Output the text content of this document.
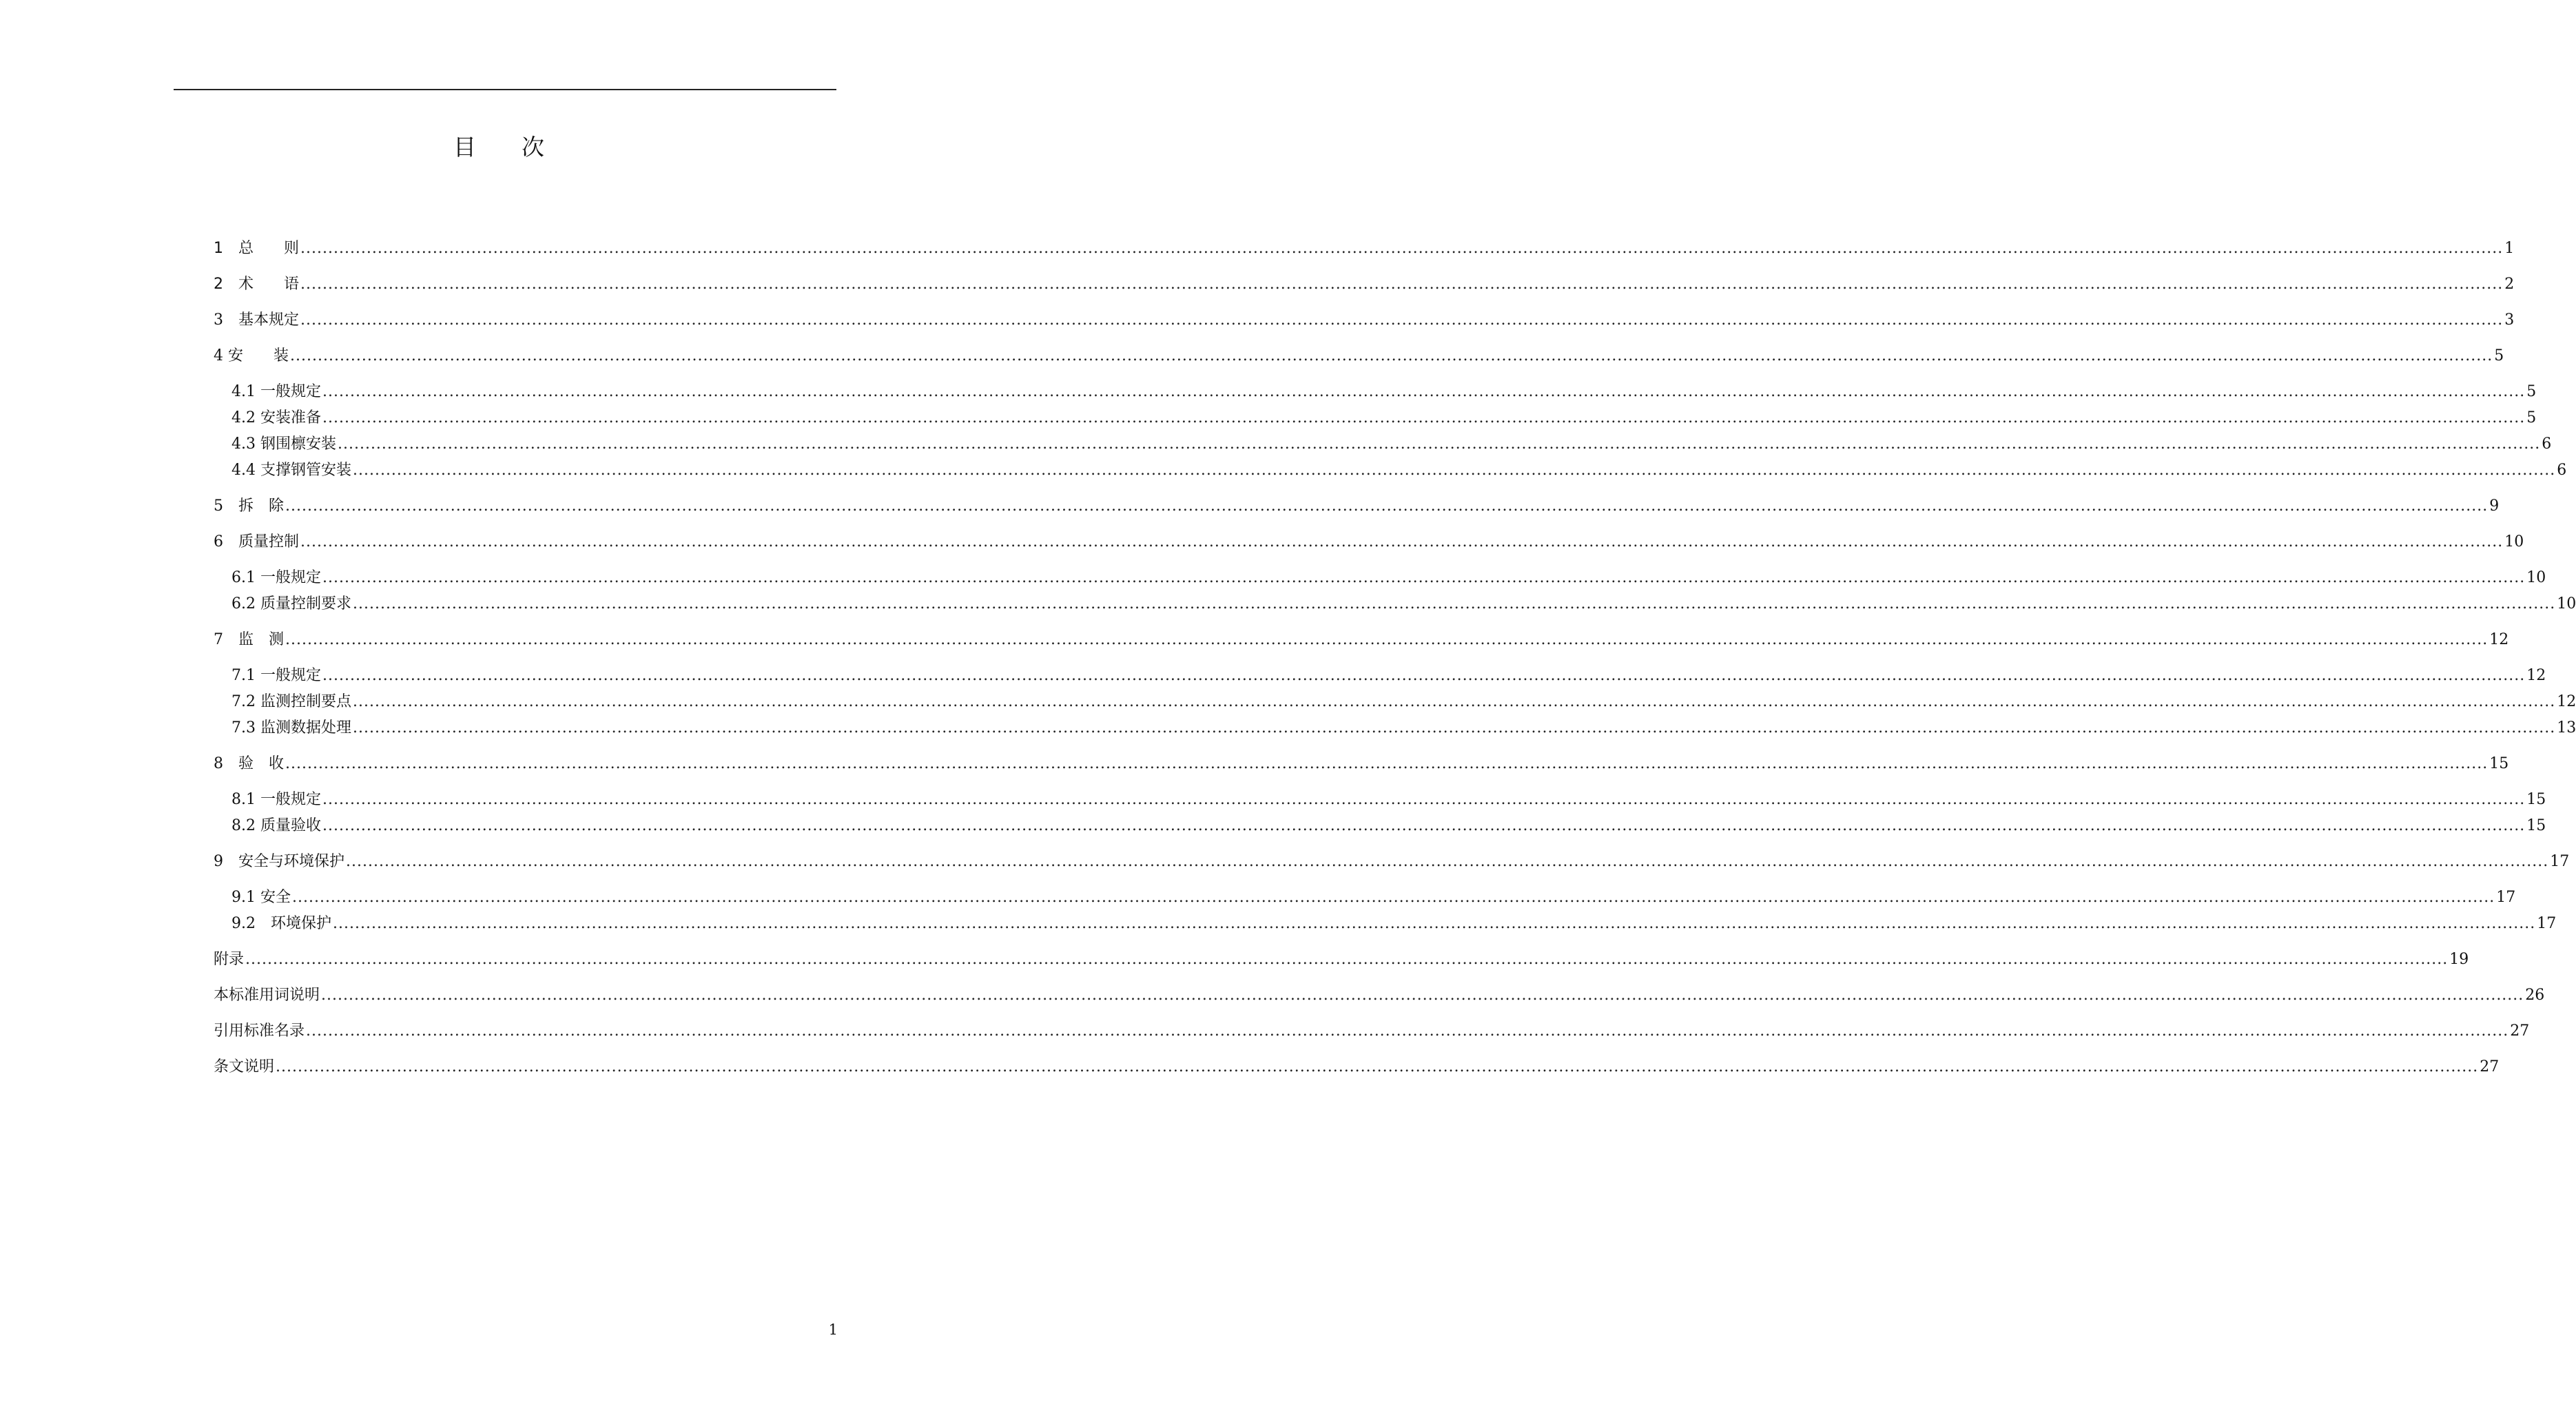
目 次
1　总　　则 ................................................................................................................................................................................................................................................................................................................................................................................................................ 1
2　术　　语 ................................................................................................................................................................................................................................................................................................................................................................................................................ 2
3　基本规定 ................................................................................................................................................................................................................................................................................................................................................................................................................ 3
4 安　　装 ................................................................................................................................................................................................................................................................................................................................................................................................................ 5
4.1 一般规定 ................................................................................................................................................................................................................................................................................................................................................................................................................ 5
4.2 安装准备 ................................................................................................................................................................................................................................................................................................................................................................................................................ 5
4.3 钢围檩安装 ................................................................................................................................................................................................................................................................................................................................................................................................................ 6
4.4 支撑钢管安装 ................................................................................................................................................................................................................................................................................................................................................................................................................ 6
5　拆　除 ................................................................................................................................................................................................................................................................................................................................................................................................................ 9
6　质量控制 ................................................................................................................................................................................................................................................................................................................................................................................................................ 10
6.1 一般规定 ................................................................................................................................................................................................................................................................................................................................................................................................................ 10
6.2 质量控制要求 ................................................................................................................................................................................................................................................................................................................................................................................................................ 10
7　监　测 ................................................................................................................................................................................................................................................................................................................................................................................................................ 12
7.1 一般规定 ................................................................................................................................................................................................................................................................................................................................................................................................................ 12
7.2 监测控制要点 ................................................................................................................................................................................................................................................................................................................................................................................................................ 12
7.3 监测数据处理 ................................................................................................................................................................................................................................................................................................................................................................................................................ 13
8　验　收 ................................................................................................................................................................................................................................................................................................................................................................................................................ 15
8.1 一般规定 ................................................................................................................................................................................................................................................................................................................................................................................................................ 15
8.2 质量验收 ................................................................................................................................................................................................................................................................................................................................................................................................................ 15
9　安全与环境保护 ................................................................................................................................................................................................................................................................................................................................................................................................................ 17
9.1 安全 ................................................................................................................................................................................................................................................................................................................................................................................................................ 17
9.2　环境保护 ................................................................................................................................................................................................................................................................................................................................................................................................................ 17
附录 ................................................................................................................................................................................................................................................................................................................................................................................................................ 19
本标准用词说明 ................................................................................................................................................................................................................................................................................................................................................................................................................ 26
引用标准名录 ................................................................................................................................................................................................................................................................................................................................................................................................................ 27
条文说明 ................................................................................................................................................................................................................................................................................................................................................................................................................ 27
1
